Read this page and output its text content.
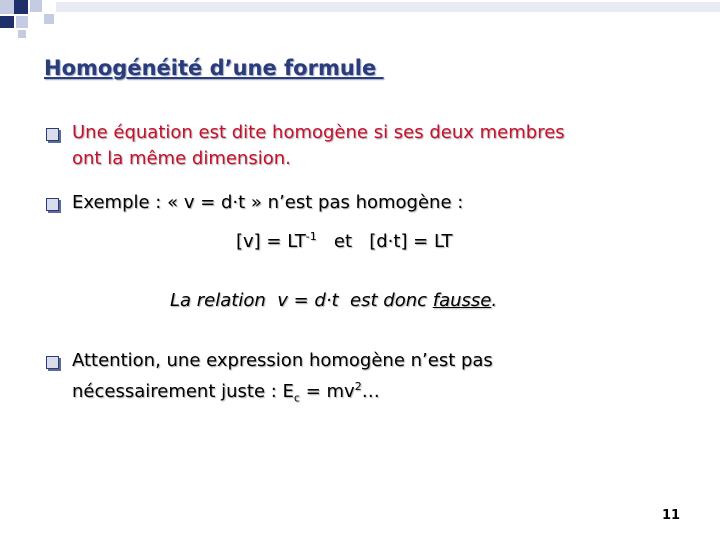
Homogénéité d’une formule
Une équation est dite homogène si ses deux membres
ont la même dimension.
Exemple : « v = d·t » n’est pas homogène :
$[v] = LT^{-1}$   et   [d·t] = LT
La relation  v = d·t  est donc fausse.
Attention, une expression homogène n’est pas
nécessairement juste : $E_c$ = $mv^2\dots$
11
